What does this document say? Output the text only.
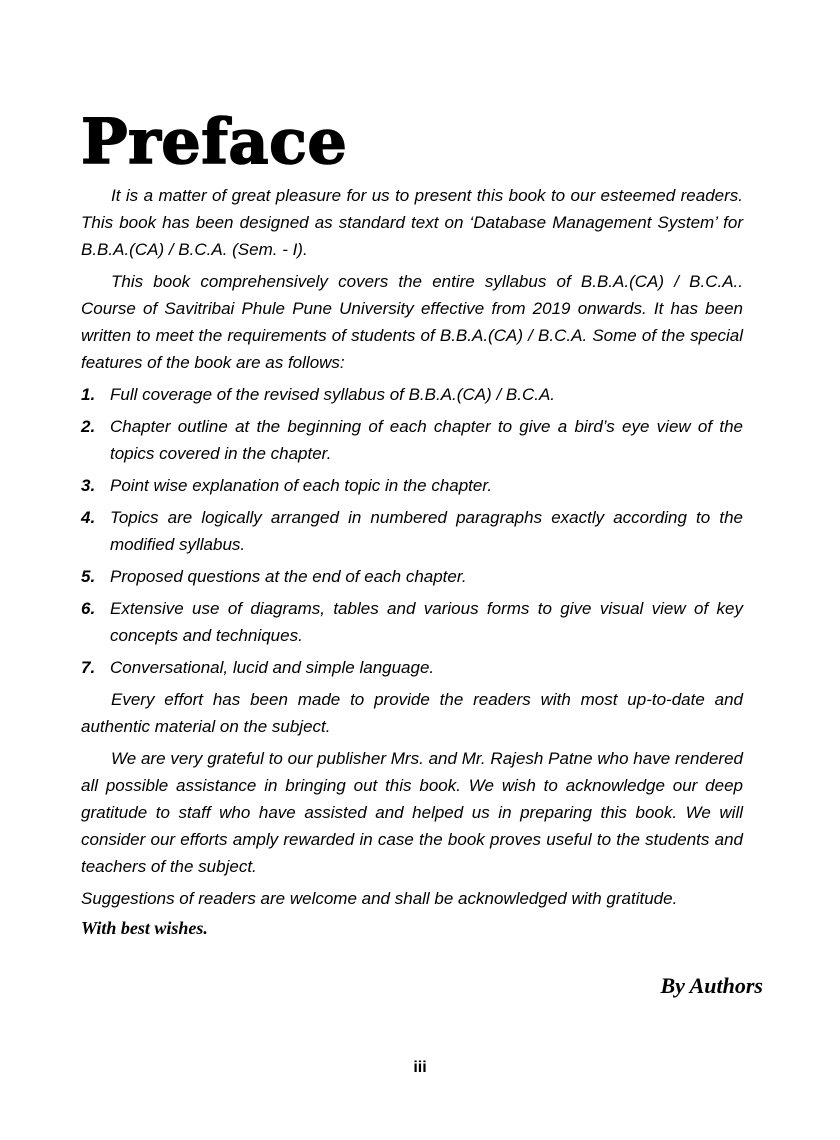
Preface

It is a matter of great pleasure for us to present this book to our esteemed readers. This book has been designed as standard text on ‘Database Management System’ for B.B.A.(CA) / B.C.A. (Sem. - I).

This book comprehensively covers the entire syllabus of B.B.A.(CA) / B.C.A.. Course of Savitribai Phule Pune University effective from 2019 onwards. It has been written to meet the requirements of students of B.B.A.(CA) / B.C.A. Some of the special features of the book are as follows:

1. Full coverage of the revised syllabus of B.B.A.(CA) / B.C.A.
2. Chapter outline at the beginning of each chapter to give a bird’s eye view of the topics covered in the chapter.
3. Point wise explanation of each topic in the chapter.
4. Topics are logically arranged in numbered paragraphs exactly according to the modified syllabus.
5. Proposed questions at the end of each chapter.
6. Extensive use of diagrams, tables and various forms to give visual view of key concepts and techniques.
7. Conversational, lucid and simple language.

Every effort has been made to provide the readers with most up-to-date and authentic material on the subject.

We are very grateful to our publisher Mrs. and Mr. Rajesh Patne who have rendered all possible assistance in bringing out this book. We wish to acknowledge our deep gratitude to staff who have assisted and helped us in preparing this book. We will consider our efforts amply rewarded in case the book proves useful to the students and teachers of the subject.

Suggestions of readers are welcome and shall be acknowledged with gratitude.

With best wishes.
By Authors
iii
